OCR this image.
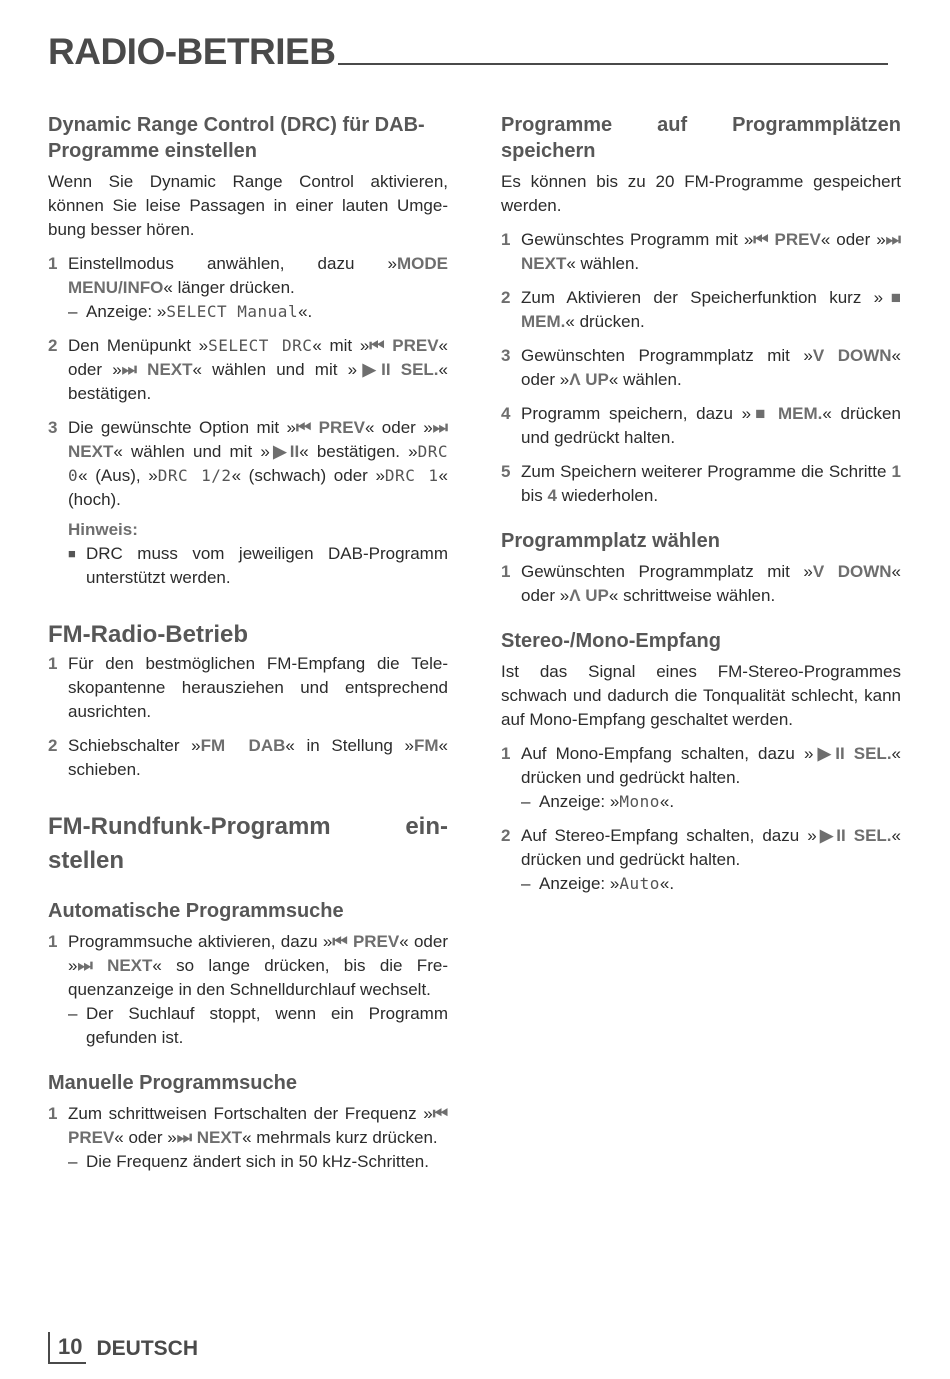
RADIO-BETRIEB
Dynamic Range Control (DRC) für DAB-Programme einstellen

Wenn Sie Dynamic Range Control aktivieren, können Sie leise Passagen in einer lauten Umgebung besser hören.

1 Einstellmodus anwählen, dazu »MODE MENU/INFO« länger drücken.
– Anzeige: »SELECT Manual«.
2 Den Menüpunkt »SELECT DRC« mit »⏮ PREV« oder »⏭ NEXT« wählen und mit »▶II SEL.« bestätigen.
3 Die gewünschte Option mit »⏮ PREV« oder »⏭ NEXT« wählen und mit »▶II« bestätigen. »DRC 0« (Aus), »DRC 1/2« (schwach) oder »DRC 1« (hoch).
Hinweis:
■ DRC muss vom jeweiligen DAB-Programm unterstützt werden.
FM-Radio-Betrieb
1 Für den bestmöglichen FM-Empfang die Teleskopantenne herausziehen und entsprechend ausrichten.
2 Schiebschalter »FM  DAB« in Stellung »FM« schieben.
FM-Rundfunk-Programm	ein-
stellen
Automatische Programmsuche
1 Programmsuche aktivieren, dazu »⏮ PREV« oder »⏭ NEXT« so lange drücken, bis die Frequenzanzeige in den Schnelldurchlauf wechselt.
– Der Suchlauf stoppt, wenn ein Programm gefunden ist.
Manuelle Programmsuche
1 Zum schrittweisen Fortschalten der Frequenz »⏮ PREV« oder »⏭ NEXT« mehrmals kurz drücken.
– Die Frequenz ändert sich in 50 kHz-Schritten.
Programme auf Programmplätzen speichern

Es können bis zu 20 FM-Programme gespeichert werden.

1 Gewünschtes Programm mit »⏮ PREV« oder »⏭ NEXT« wählen.
2 Zum Aktivieren der Speicherfunktion kurz »■ MEM.« drücken.
3 Gewünschten Programmplatz mit »V DOWN« oder »Λ UP« wählen.
4 Programm speichern, dazu »■ MEM.« drücken und gedrückt halten.
5 Zum Speichern weiterer Programme die Schritte 1 bis 4 wiederholen.
Programmplatz wählen
1 Gewünschten Programmplatz mit »V DOWN« oder »Λ UP« schrittweise wählen.
Stereo-/Mono-Empfang

Ist das Signal eines FM-Stereo-Programmes schwach und dadurch die Tonqualität schlecht, kann auf Mono-Empfang geschaltet werden.

1 Auf Mono-Empfang schalten, dazu »▶II SEL.« drücken und gedrückt halten.
– Anzeige: »Mono«.
2 Auf Stereo-Empfang schalten, dazu »▶II SEL.« drücken und gedrückt halten.
– Anzeige: »Auto«.
10 DEUTSCH
